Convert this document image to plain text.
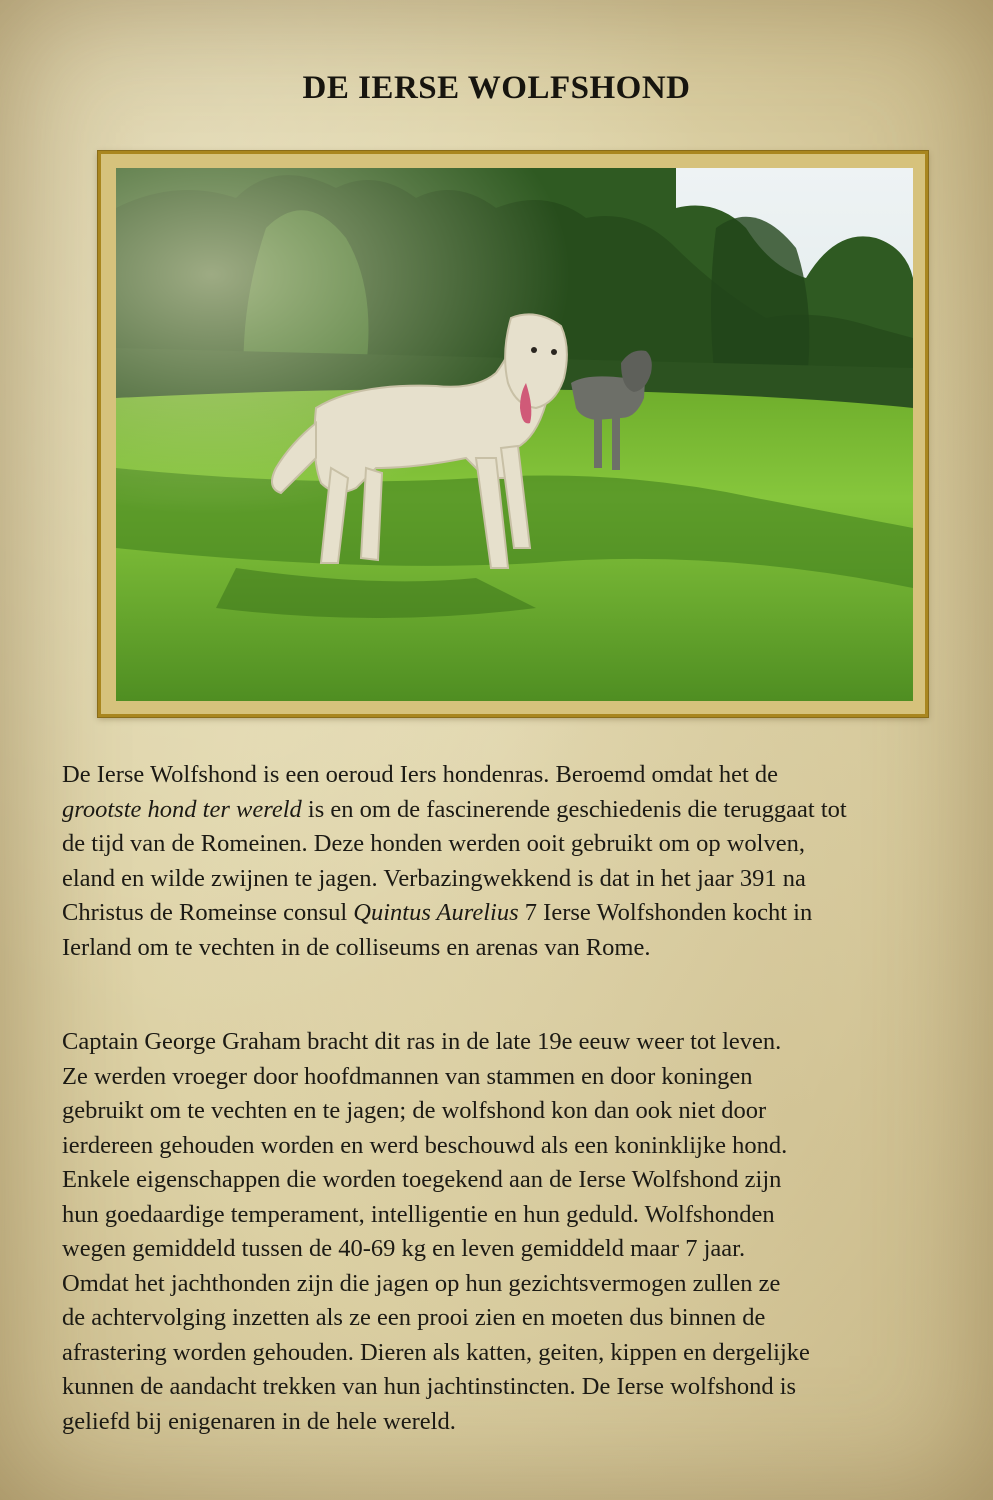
DE IERSE WOLFSHOND
De Ierse Wolfshond is een oeroud Iers hondenras. Beroemd omdat het de
grootste hond ter wereld is en om de fascinerende geschiedenis die teruggaat tot
de tijd van de Romeinen. Deze honden werden ooit gebruikt om op wolven,
eland en wilde zwijnen te jagen. Verbazingwekkend is dat in het jaar 391 na
Christus de Romeinse consul Quintus Aurelius 7 Ierse Wolfshonden kocht in
Ierland om te vechten in de colliseums en arenas van Rome.
Captain George Graham bracht dit ras in de late 19e eeuw weer tot leven.
Ze werden vroeger door hoofdmannen van stammen en door koningen
gebruikt om te vechten en te jagen; de wolfshond kon dan ook niet door
ierdereen gehouden worden en werd beschouwd als een koninklijke hond.
Enkele eigenschappen die worden toegekend aan de Ierse Wolfshond zijn
hun goedaardige temperament, intelligentie en hun geduld. Wolfshonden
wegen gemiddeld tussen de 40-69 kg en leven gemiddeld maar 7 jaar.
Omdat het jachthonden zijn die jagen op hun gezichtsvermogen zullen ze
de achtervolging inzetten als ze een prooi zien en moeten dus binnen de
afrastering worden gehouden. Dieren als katten, geiten, kippen en dergelijke
kunnen de aandacht trekken van hun jachtinstincten. De Ierse wolfshond is
geliefd bij enigenaren in de hele wereld.
